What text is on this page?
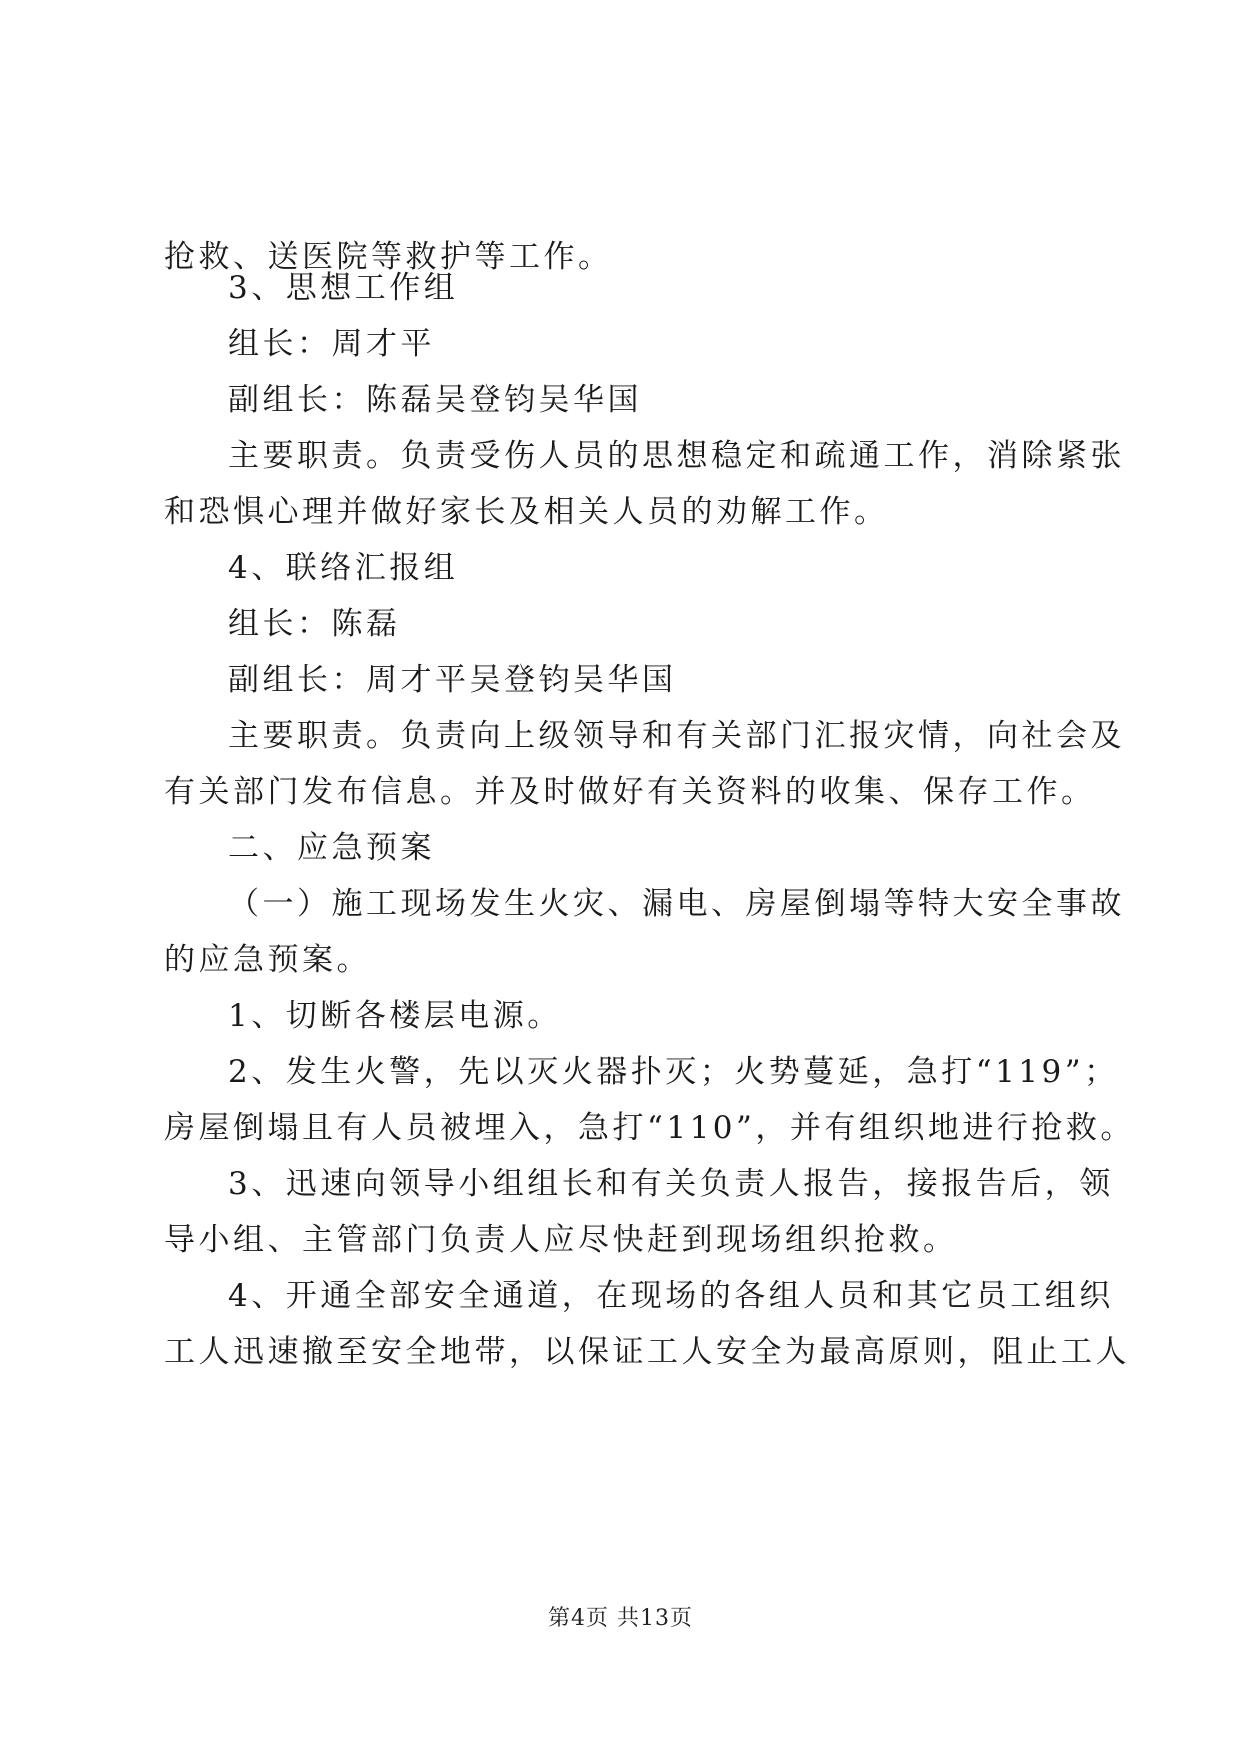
抢救、送医院等救护等工作。
3、思想工作组
组长：周才平
副组长：陈磊吴登钧吴华国
主要职责。负责受伤人员的思想稳定和疏通工作，消除紧张
和恐惧心理并做好家长及相关人员的劝解工作。
4、联络汇报组
组长：陈磊
副组长：周才平吴登钧吴华国
主要职责。负责向上级领导和有关部门汇报灾情，向社会及
有关部门发布信息。并及时做好有关资料的收集、保存工作。
二、应急预案
（一）施工现场发生火灾、漏电、房屋倒塌等特大安全事故
的应急预案。
1、切断各楼层电源。
2、发生火警，先以灭火器扑灭；火势蔓延，急打“119”；
房屋倒塌且有人员被埋入，急打“110”，并有组织地进行抢救。
3、迅速向领导小组组长和有关负责人报告，接报告后，领
导小组、主管部门负责人应尽快赶到现场组织抢救。
4、开通全部安全通道，在现场的各组人员和其它员工组织
工人迅速撤至安全地带，以保证工人安全为最高原则，阻止工人
第4页 共13页
